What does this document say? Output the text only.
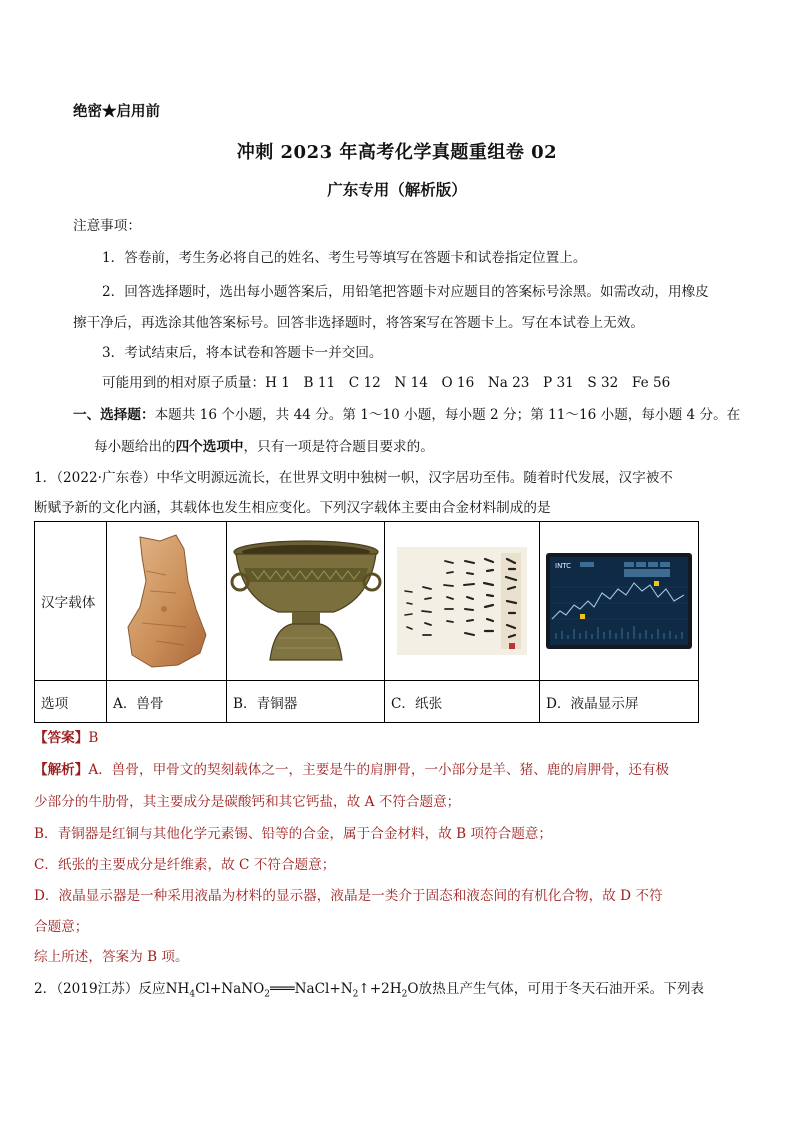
绝密★启用前
冲刺 2023 年高考化学真题重组卷 02
广东专用（解析版）
注意事项：
1．答卷前，考生务必将自己的姓名、考生号等填写在答题卡和试卷指定位置上。
2．回答选择题时，选出每小题答案后，用铅笔把答题卡对应题目的答案标号涂黑。如需改动，用橡皮
擦干净后，再选涂其他答案标号。回答非选择题时，将答案写在答题卡上。写在本试卷上无效。
3．考试结束后，将本试卷和答题卡一并交回。
可能用到的相对原子质量：H 1　B 11　C 12　N 14　O 16　Na 23　P 31　S 32　Fe 56
一、选择题：本题共 16 个小题，共 44 分。第 1～10 小题，每小题 2 分；第 11～16 小题，每小题 4 分。在
每小题给出的四个选项中，只有一项是符合题目要求的。
1．（2022·广东卷）中华文明源远流长，在世界文明中独树一帜，汉字居功至伟。随着时代发展，汉字被不
断赋予新的文化内涵，其载体也发生相应变化。下列汉字载体主要由合金材料制成的是
汉字载体				INTC

选项	A．兽骨	B．青铜器	C．纸张	D．液晶显示屏
【答案】B
【解析】A．兽骨，甲骨文的契刻载体之一，主要是牛的肩胛骨，一小部分是羊、猪、鹿的肩胛骨，还有极
少部分的牛肋骨，其主要成分是碳酸钙和其它钙盐，故 A 不符合题意；
B．青铜器是红铜与其他化学元素锡、铅等的合金，属于合金材料，故 B 项符合题意；
C．纸张的主要成分是纤维素，故 C 不符合题意；
D．液晶显示器是一种采用液晶为材料的显示器，液晶是一类介于固态和液态间的有机化合物，故 D 不符
合题意；
综上所述，答案为 B 项。
2．（2019江苏）反应$NH_4Cl+NaNO_2═══NaCl+N_2↑+2H_2O$放热且产生气体，可用于冬天石油开采。下列表
